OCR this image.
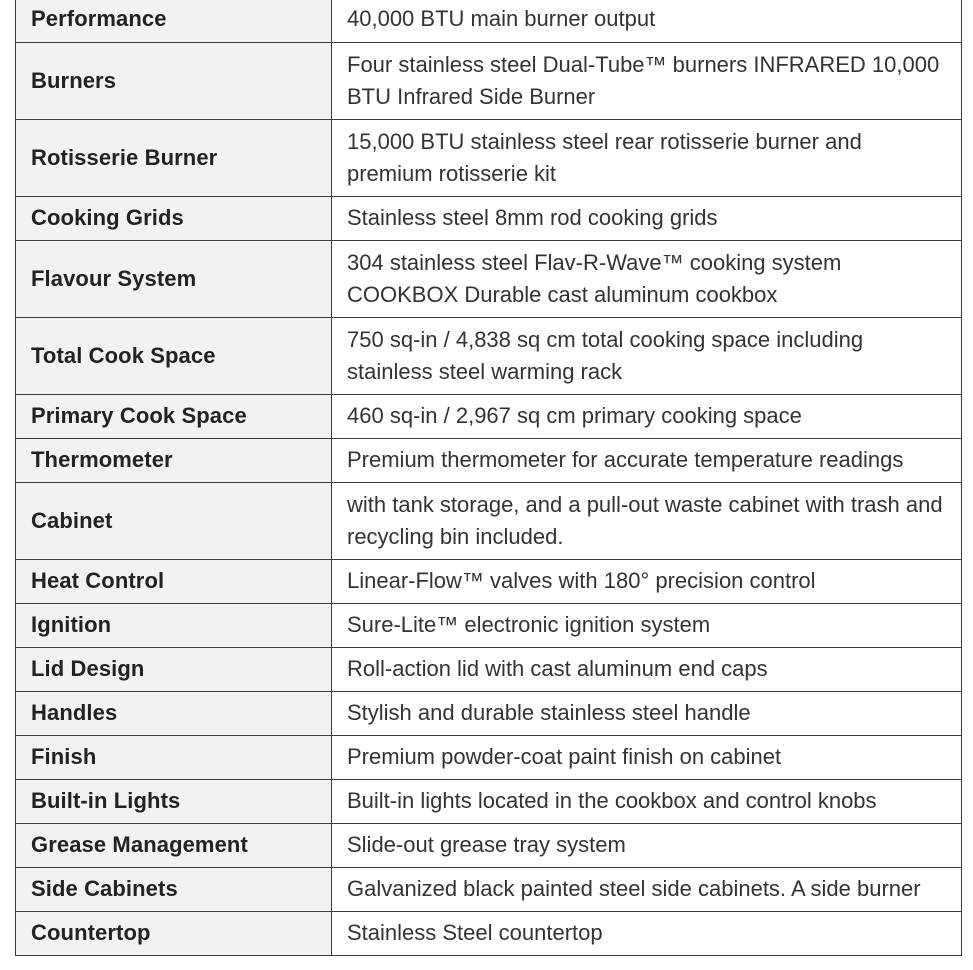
Performance	40,000 BTU main burner output
Burners	Four stainless steel Dual-Tube™ burners INFRARED 10,000 BTU Infrared Side Burner
Rotisserie Burner	15,000 BTU stainless steel rear rotisserie burner and premium rotisserie kit
Cooking Grids	Stainless steel 8mm rod cooking grids
Flavour System	304 stainless steel Flav-R-Wave™ cooking system COOKBOX Durable cast aluminum cookbox
Total Cook Space	750 sq-in / 4,838 sq cm total cooking space including stainless steel warming rack
Primary Cook Space	460 sq-in / 2,967 sq cm primary cooking space
Thermometer	Premium thermometer for accurate temperature readings
Cabinet	with tank storage, and a pull-out waste cabinet with trash and recycling bin included.
Heat Control	Linear-Flow™ valves with 180° precision control
Ignition	Sure-Lite™ electronic ignition system
Lid Design	Roll-action lid with cast aluminum end caps
Handles	Stylish and durable stainless steel handle
Finish	Premium powder-coat paint finish on cabinet
Built-in Lights	Built-in lights located in the cookbox and control knobs
Grease Management	Slide-out grease tray system
Side Cabinets	Galvanized black painted steel side cabinets. A side burner
Countertop	Stainless Steel countertop
